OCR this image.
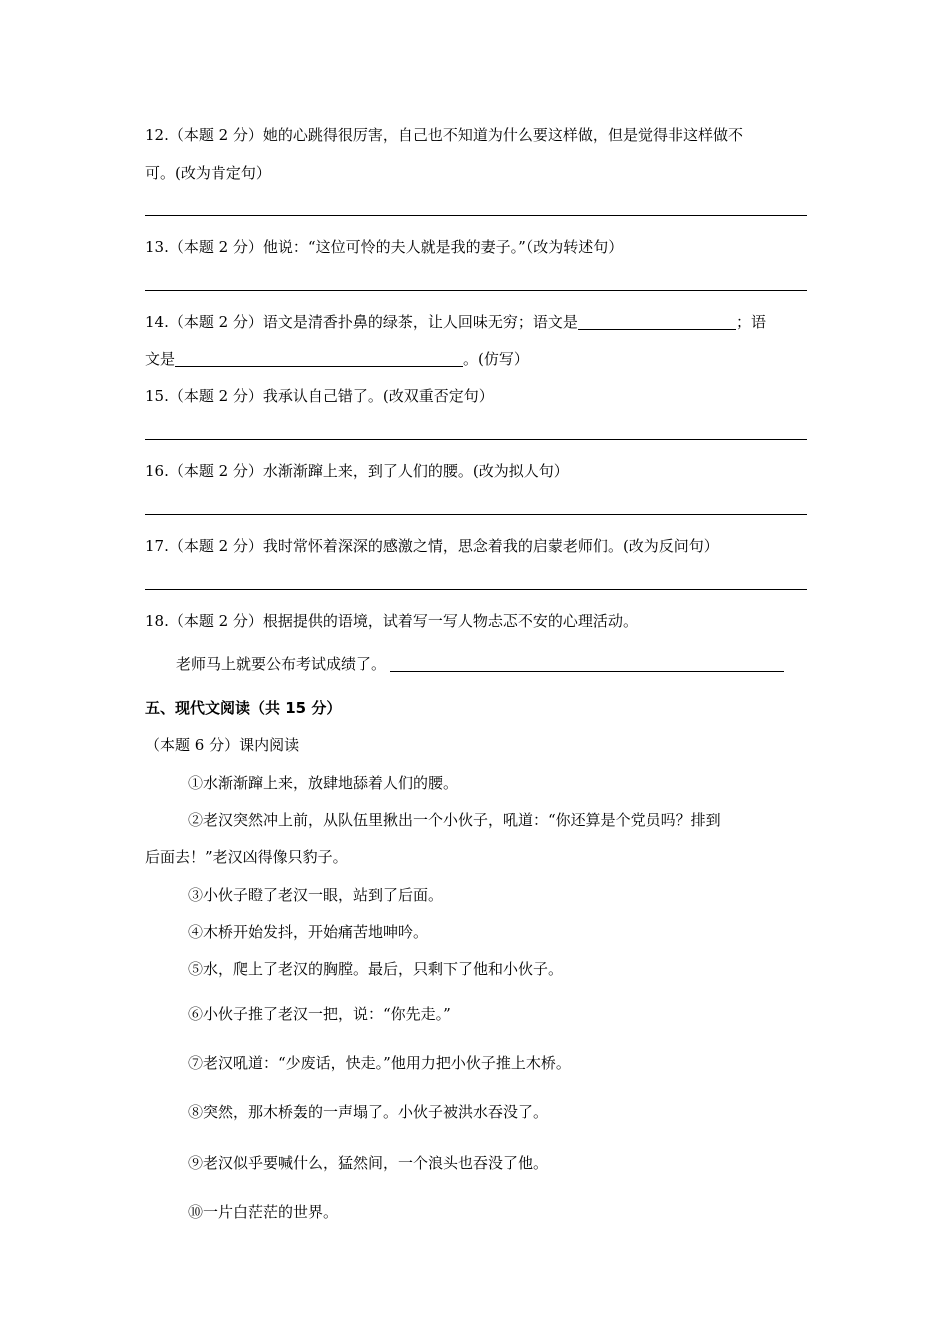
12.（本题 2 分）她的心跳得很厉害，自己也不知道为什么要这样做，但是觉得非这样做不
可。(改为肯定句）
13.（本题 2 分）他说：“这位可怜的夫人就是我的妻子。”（改为转述句）
14.（本题 2 分）语文是清香扑鼻的绿茶，让人回味无穷；语文是	；语
文是	。(仿写）
15.（本题 2 分）我承认自己错了。(改双重否定句）
16.（本题 2 分）水渐渐蹿上来，到了人们的腰。(改为拟人句）
17.（本题 2 分）我时常怀着深深的感激之情，思念着我的启蒙老师们。(改为反问句）
18.（本题 2 分）根据提供的语境，试着写一写人物忐忑不安的心理活动。
老师马上就要公布考试成绩了。
五、现代文阅读（共 15 分）
（本题 6 分）课内阅读
①水渐渐蹿上来，放肆地舔着人们的腰。
②老汉突然冲上前，从队伍里揪出一个小伙子，吼道：“你还算是个党员吗？排到
后面去！”老汉凶得像只豹子。
③小伙子瞪了老汉一眼，站到了后面。
④木桥开始发抖，开始痛苦地呻吟。
⑤水，爬上了老汉的胸膛。最后，只剩下了他和小伙子。
⑥小伙子推了老汉一把，说：“你先走。”
⑦老汉吼道：“少废话，快走。”他用力把小伙子推上木桥。
⑧突然，那木桥轰的一声塌了。小伙子被洪水吞没了。
⑨老汉似乎要喊什么，猛然间，一个浪头也吞没了他。
⑩一片白茫茫的世界。
